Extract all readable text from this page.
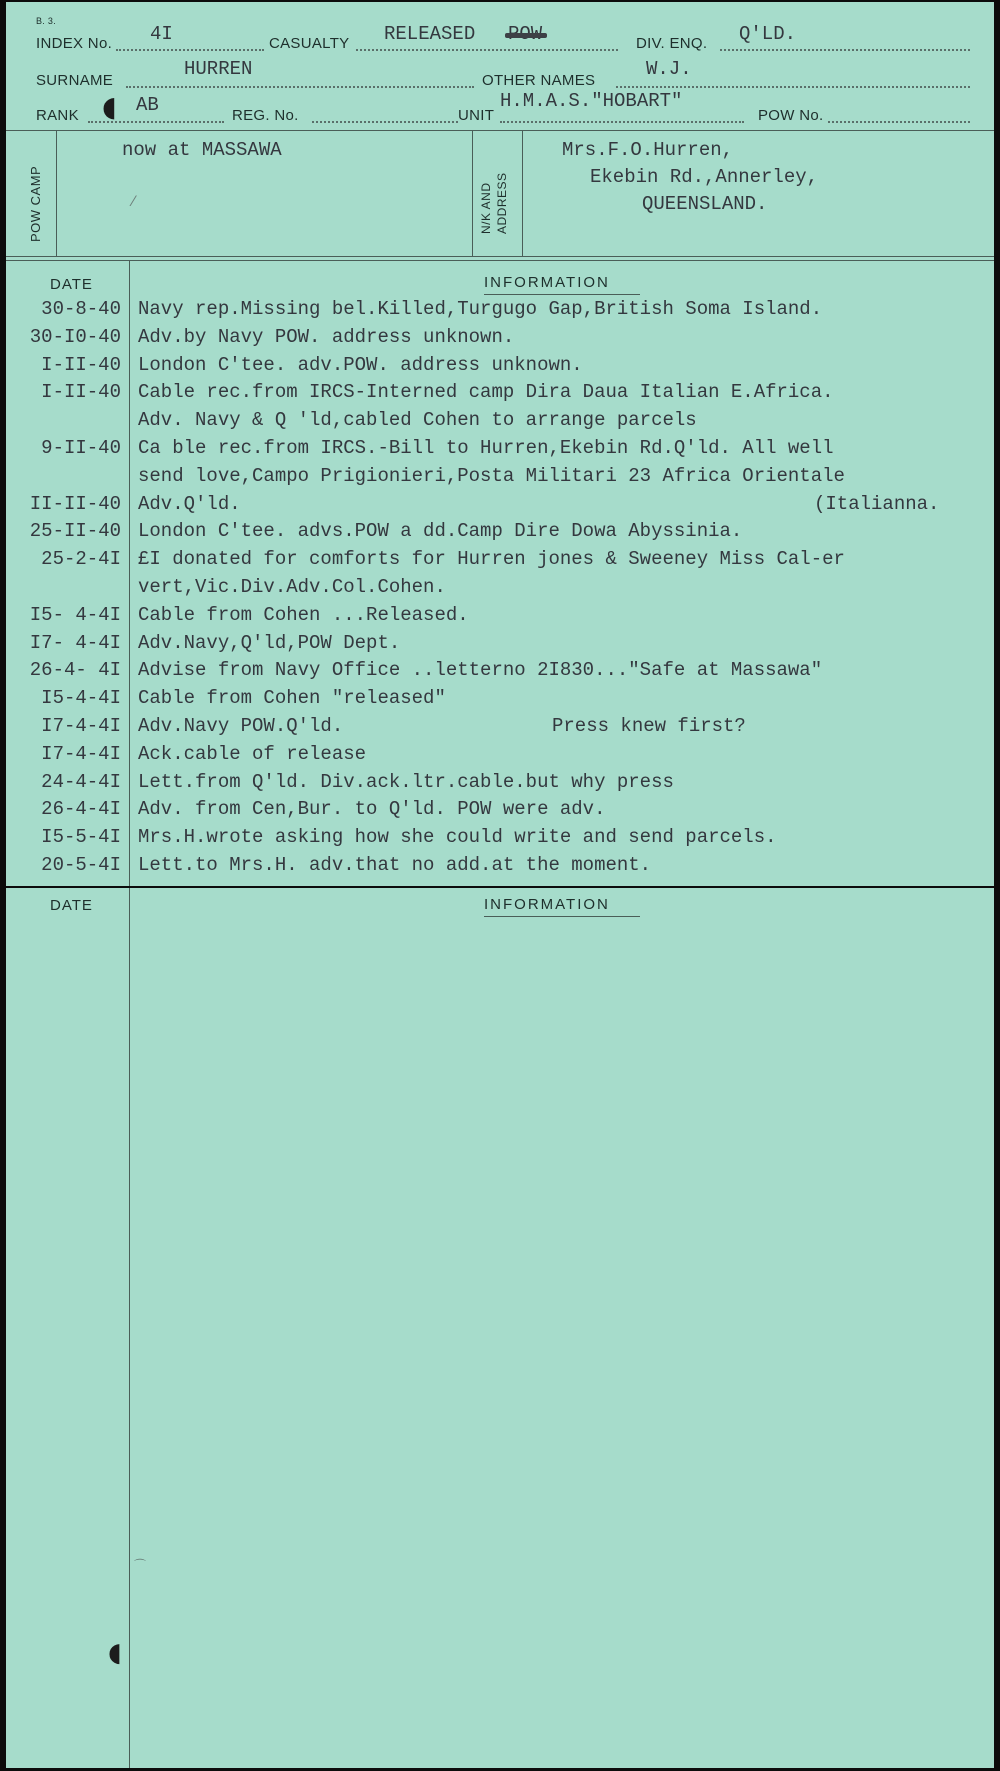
B. 3.
INDEX No. 4I	CASUALTY RELEASED	DIV. ENQ. Q'LD.
SURNAME
HURREN
OTHER NAMES
W.J.
RANK ◖ AB	REG. No.	UNIT
H.M.A.S."HOBART"
POW No.
POW CAMP
now at MASSAWA
⁄	N/K AND ADDRESS
Mrs.F.O.Hurren,
Ekebin Rd.,Annerley,
QUEENSLAND.
DATE	INFORMATION
30-8-40 Navy rep.Missing bel.Killed,Turgugo Gap,British Soma Island.
30-I0-40 Adv.by Navy POW. address unknown.
I-II-40 London C'tee. adv.POW. address unknown.
I-II-40 Cable rec.from IRCS-Interned camp Dira Daua Italian E.Africa.
Adv. Navy & Q 'ld,cabled Cohen to arrange parcels
9-II-40 Ca ble rec.from IRCS.-Bill to Hurren,Ekebin Rd.Q'ld. All well
send love,Campo Prigionieri,Posta Militari 23 Africa Orientale
II-II-40 Adv.Q'ld.	(Italianna.
25-II-40 London C'tee. advs.POW a dd.Camp Dire Dowa Abyssinia.
25-2-4I £I donated for comforts for Hurren jones & Sweeney Miss Cal-er
vert,Vic.Div.Adv.Col.Cohen.
I5- 4-4I Cable from Cohen ...Released.
I7- 4-4I Adv.Navy,Q'ld,POW Dept.
26-4- 4I Advise from Navy Office ..letterno 2I830..."Safe at Massawa"
I5-4-4I Cable from Cohen "released"
I7-4-4I Adv.Navy POW.Q'ld.	Press knew first?
I7-4-4I Ack.cable of release
24-4-4I Lett.from Q'ld. Div.ack.ltr.cable.but why press
26-4-4I Adv. from Cen,Bur. to Q'ld. POW were adv.
I5-5-4I Mrs.H.wrote asking how she could write and send parcels.
20-5-4I Lett.to Mrs.H. adv.that no add.at the moment.
DATE	INFORMATION
⌒
◖
